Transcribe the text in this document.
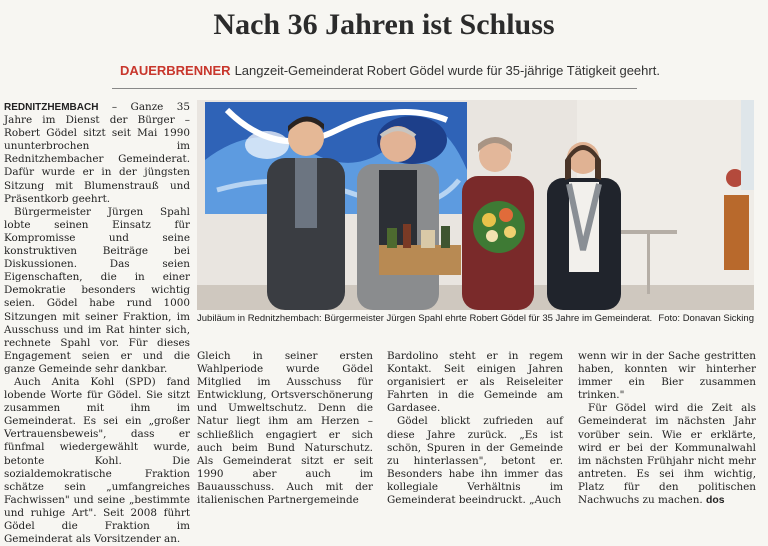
Nach 36 Jahren ist Schluss
DAUERBRENNER Langzeit-Gemeinderat Robert Gödel wurde für 35-jährige Tätigkeit geehrt.

REDNITZHEMBACH – Ganze 35 Jahre im Dienst der Bürger – Robert Gödel sitzt seit Mai 1990 ununterbrochen im Rednitzhembacher Gemeinderat. Dafür wurde er in der jüngsten Sitzung mit Blumenstrauß und Präsentkorb geehrt.

Bürgermeister Jürgen Spahl lobte seinen Einsatz für Kompromisse und seine konstruktiven Beiträge bei Diskussionen. Das seien Eigenschaften, die in einer Demokratie besonders wichtig seien. Gödel habe rund 1000 Sitzungen mit seiner Fraktion, im Ausschuss und im Rat hinter sich, rechnete Spahl vor. Für dieses Engagement seien er und die ganze Gemeinde sehr dankbar.

Auch Anita Kohl (SPD) fand lobende Worte für Gödel. Sie sitzt zusammen mit ihm im Gemeinderat. Es sei ein „großer Vertrauensbeweis", dass er fünfmal wiedergewählt wurde, betonte Kohl. Die sozialdemokratische Fraktion schätze sein „umfangreiches Fachwissen" und seine „bestimmte und ruhige Art". Seit 2008 führt Gödel die Fraktion im Gemeinderat als Vorsitzender an.

Jubiläum in Rednitzhembach: Bürgermeister Jürgen Spahl ehrte Robert Gödel für 35 Jahre im Gemeinderat. Foto: Donavan Sicking

Gleich in seiner ersten Wahlperiode wurde Gödel Mitglied im Ausschuss für Entwicklung, Ortsverschönerung und Umweltschutz. Denn die Natur liegt ihm am Herzen – schließlich engagiert er sich auch beim Bund Naturschutz. Als Gemeinderat sitzt er seit 1990 aber auch im Bauausschuss. Auch mit der italienischen Partnergemeinde

Bardolino steht er in regem Kontakt. Seit einigen Jahren organisiert er als Reiseleiter Fahrten in die Gemeinde am Gardasee.

Gödel blickt zufrieden auf diese Jahre zurück. „Es ist schön, Spuren in der Gemeinde zu hinterlassen", betont er. Besonders habe ihn immer das kollegiale Verhältnis im Gemeinderat beeindruckt. „Auch

wenn wir in der Sache gestritten haben, konnten wir hinterher immer ein Bier zusammen trinken."

Für Gödel wird die Zeit als Gemeinderat im nächsten Jahr vorüber sein. Wie er erklärte, wird er bei der Kommunalwahl im nächsten Frühjahr nicht mehr antreten. Es sei ihm wichtig, Platz für den politischen Nachwuchs zu machen. dos
